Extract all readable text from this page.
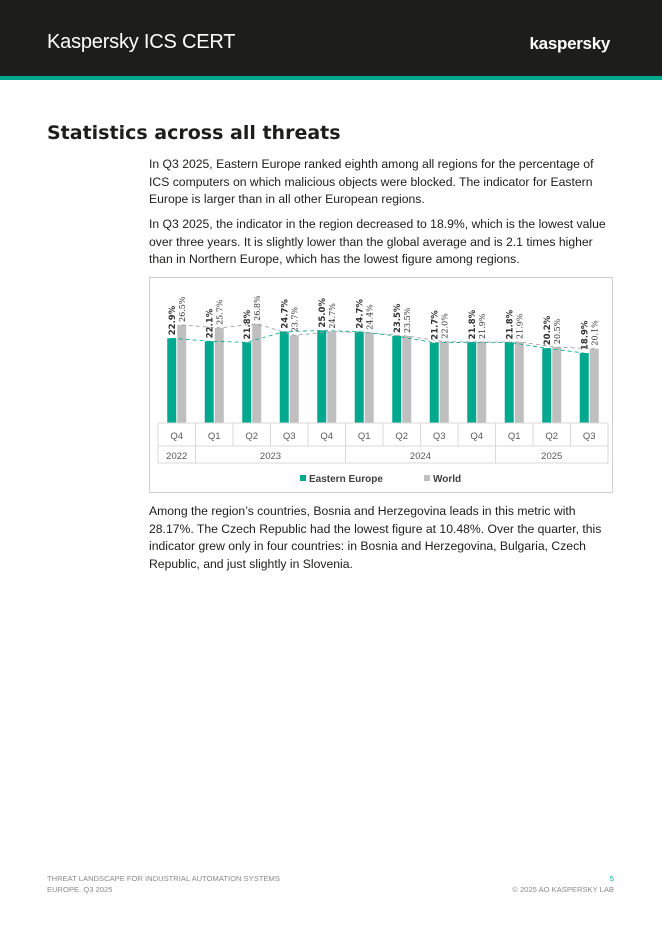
Kaspersky ICS CERT	kaspersky
Statistics across all threats

In Q3 2025, Eastern Europe ranked eighth among all regions for the percentage of ICS computers on which malicious objects were blocked. The indicator for Eastern Europe is larger than in all other European regions.

In Q3 2025, the indicator in the region decreased to 18.9%, which is the lowest value over three years. It is slightly lower than the global average and is 2.1 times higher than in Northern Europe, which has the lowest figure among regions.

22.9% 26.5% 22.1% 25.7% 21.8%
26.8% 24.7% 23.7% 25.0% 24.7% 24.7% 24.4% 23.5% 23.5% 21.7% 22.0% 21.8% 21.9% 21.8% 21.9% 20.2% 20.5% 18.9% 20.1%
Q4	Q1	Q2	Q3	Q4	Q1	Q2	Q3	Q4	Q1	Q2	Q3
2022	2023	2024	2025
Eastern Europe	World

Among the region’s countries, Bosnia and Herzegovina leads in this metric with 28.17%. The Czech Republic had the lowest figure at 10.48%. Over the quarter, this indicator grew only in four countries: in Bosnia and Herzegovina, Bulgaria, Czech Republic, and just slightly in Slovenia.

THREAT LANDSCAPE FOR INDUSTRIAL AUTOMATION SYSTEMS
EUROPE. Q3 2025
5
© 2025 AO KASPERSKY LAB
